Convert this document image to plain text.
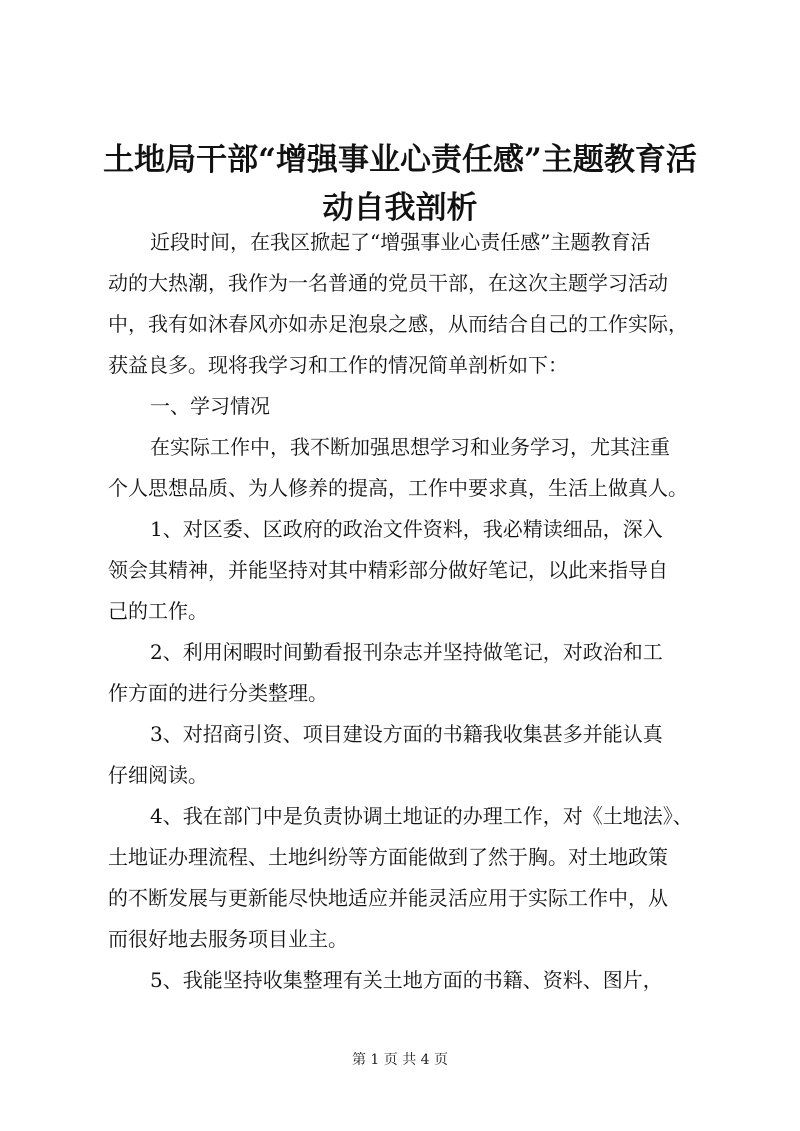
土地局干部“增强事业心责任感”主题教育活
动自我剖析
近段时间，在我区掀起了“增强事业心责任感”主题教育活
动的大热潮，我作为一名普通的党员干部，在这次主题学习活动
中，我有如沐春风亦如赤足泡泉之感，从而结合自己的工作实际，
获益良多。现将我学习和工作的情况简单剖析如下：
一、学习情况
在实际工作中，我不断加强思想学习和业务学习，尤其注重
个人思想品质、为人修养的提高，工作中要求真，生活上做真人。
1、对区委、区政府的政治文件资料，我必精读细品，深入
领会其精神，并能坚持对其中精彩部分做好笔记，以此来指导自
己的工作。
2、利用闲暇时间勤看报刊杂志并坚持做笔记，对政治和工
作方面的进行分类整理。
3、对招商引资、项目建设方面的书籍我收集甚多并能认真
仔细阅读。
4、我在部门中是负责协调土地证的办理工作，对《土地法》、
土地证办理流程、土地纠纷等方面能做到了然于胸。对土地政策
的不断发展与更新能尽快地适应并能灵活应用于实际工作中，从
而很好地去服务项目业主。
5、我能坚持收集整理有关土地方面的书籍、资料、图片，
第 1 页 共 4 页
